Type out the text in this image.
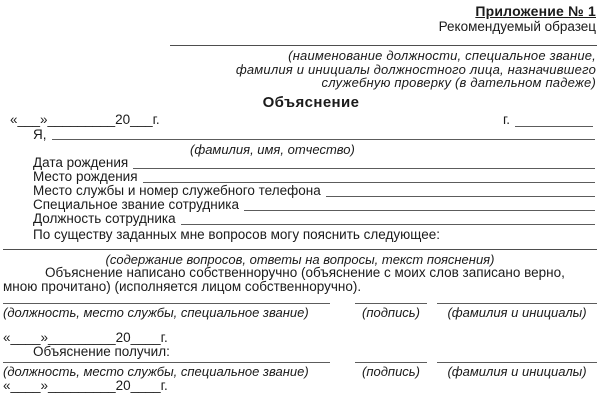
Приложение № 1
Рекомендуемый образец
(наименование должности, специальное звание,
фамилия и инициалы должностного лица, назначившего
служебную проверку (в дательном падеже)
Объяснение
«___»_________20___г.	г.
Я,
(фамилия, имя, отчество)
Дата рождения
Место рождения
Место службы и номер служебного телефона
Специальное звание сотрудника
Должность сотрудника
По существу заданных мне вопросов могу пояснить следующее:
(содержание вопросов, ответы на вопросы, текст пояснения)
Объяснение написано собственноручно (объяснение с моих слов записано верно,
мною прочитано) (исполняется лицом собственноручно).
(должность, место службы, специальное звание)	(подпись)	(фамилия и инициалы)
«____»_________20____г.
Объяснение получил:
(должность, место службы, специальное звание)	(подпись)	(фамилия и инициалы)
«____»_________20____г.
